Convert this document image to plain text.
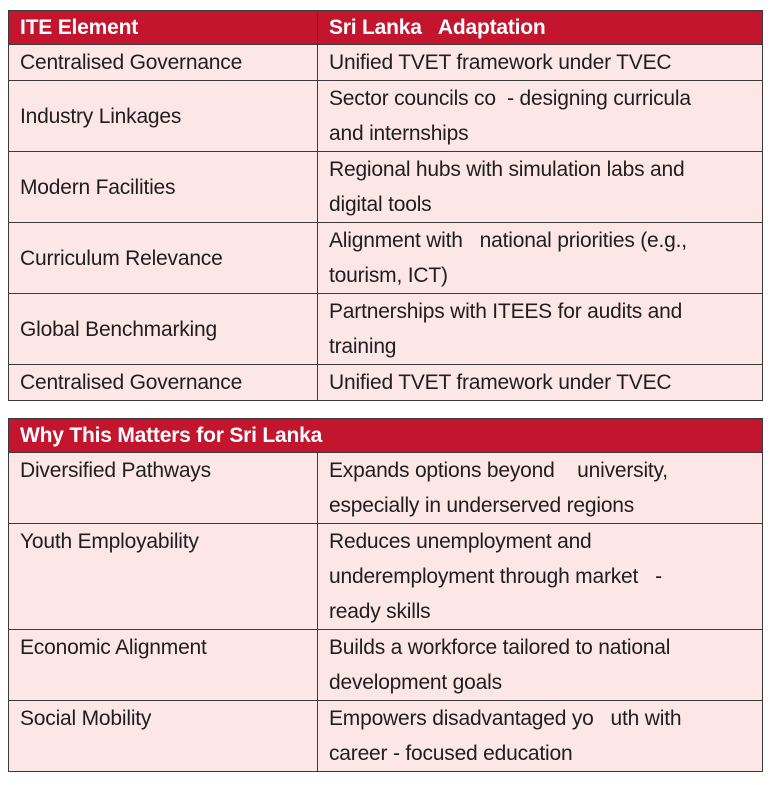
ITE Element	Sri Lanka   Adaptation
Centralised Governance	Unified TVET framework under TVEC
Industry Linkages	Sector councils co  - designing curricula
and internships
Modern Facilities	Regional hubs with simulation labs and
digital tools
Curriculum Relevance	Alignment with   national priorities (e.g.,
tourism, ICT)
Global Benchmarking	Partnerships with ITEES for audits and
training
Centralised Governance	Unified TVET framework under TVEC
Why This Matters for Sri Lanka	
Diversified Pathways	Expands options beyond    university,
especially in underserved regions
Youth Employability	Reduces unemployment and
underemployment through market   -
ready skills
Economic Alignment	Builds a workforce tailored to national
development goals
Social Mobility	Empowers disadvantaged yo   uth with
career - focused education
